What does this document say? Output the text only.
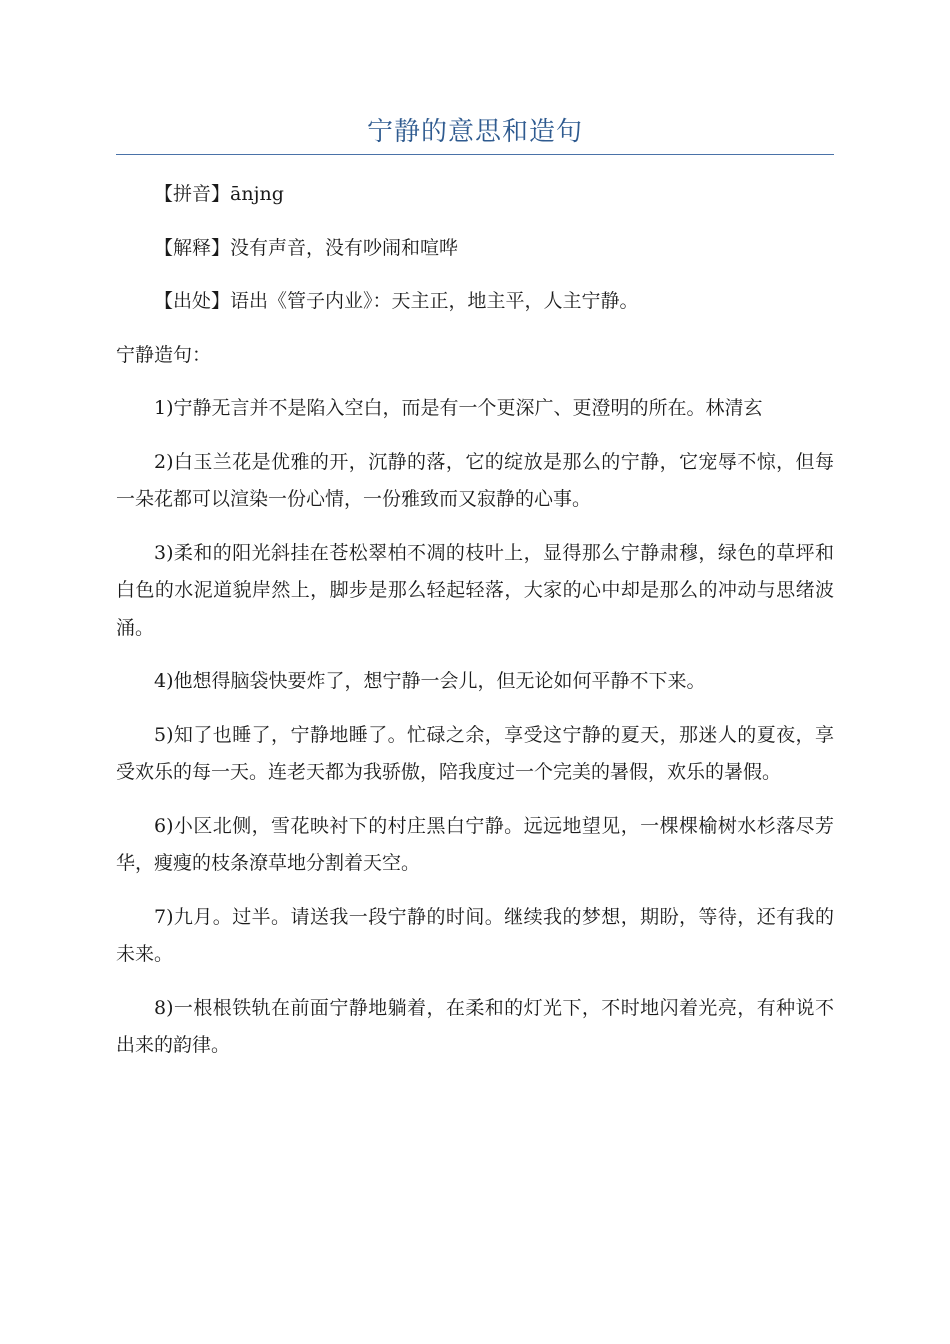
宁静的意思和造句

【拼音】ānjng

【解释】没有声音，没有吵闹和喧哗

【出处】语出《管子内业》：天主正，地主平，人主宁静。

宁静造句：

1)宁静无言并不是陷入空白，而是有一个更深广、更澄明的所在。林清玄

2)白玉兰花是优雅的开，沉静的落，它的绽放是那么的宁静，它宠辱不惊，但每一朵花都可以渲染一份心情，一份雅致而又寂静的心事。

3)柔和的阳光斜挂在苍松翠柏不凋的枝叶上，显得那么宁静肃穆，绿色的草坪和白色的水泥道貌岸然上，脚步是那么轻起轻落，大家的心中却是那么的冲动与思绪波涌。

4)他想得脑袋快要炸了，想宁静一会儿，但无论如何平静不下来。

5)知了也睡了，宁静地睡了。忙碌之余，享受这宁静的夏天，那迷人的夏夜，享受欢乐的每一天。连老天都为我骄傲，陪我度过一个完美的暑假，欢乐的暑假。

6)小区北侧，雪花映衬下的村庄黑白宁静。远远地望见，一棵棵榆树水杉落尽芳华，瘦瘦的枝条潦草地分割着天空。

7)九月。过半。请送我一段宁静的时间。继续我的梦想，期盼，等待，还有我的未来。

8)一根根铁轨在前面宁静地躺着，在柔和的灯光下，不时地闪着光亮，有种说不出来的韵律。
